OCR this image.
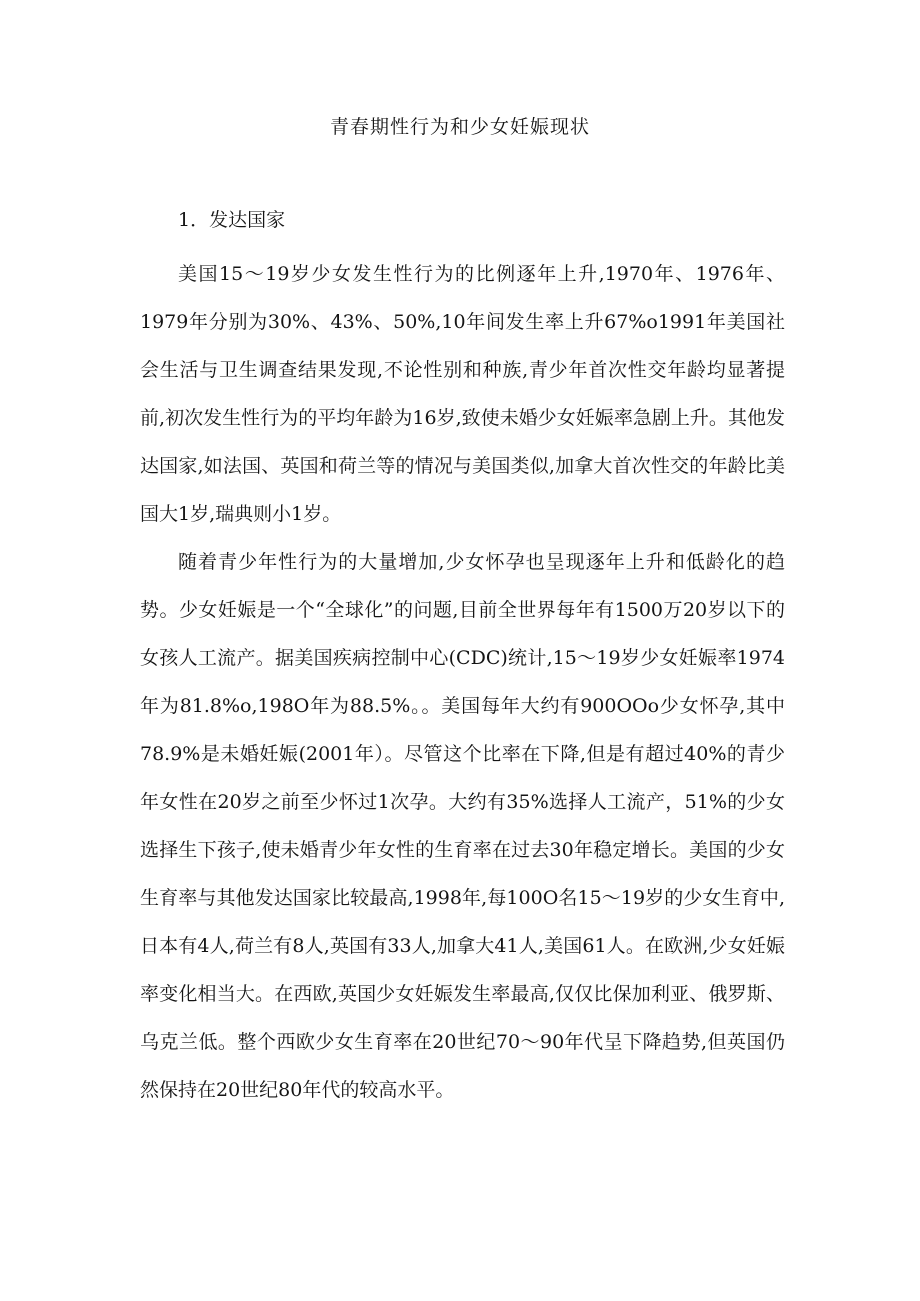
青春期性行为和少女妊娠现状
1．发达国家

美国15～19岁少女发生性行为的比例逐年上升,1970年、1976年、1979年分别为30%、43%、50%,10年间发生率上升67%o1991年美国社会生活与卫生调查结果发现,不论性别和种族,青少年首次性交年龄均显著提前,初次发生性行为的平均年龄为16岁,致使未婚少女妊娠率急剧上升。其他发达国家,如法国、英国和荷兰等的情况与美国类似,加拿大首次性交的年龄比美国大1岁,瑞典则小1岁。

随着青少年性行为的大量增加,少女怀孕也呈现逐年上升和低龄化的趋势。少女妊娠是一个“全球化”的问题,目前全世界每年有1500万20岁以下的女孩人工流产。据美国疾病控制中心(CDC)统计,15～19岁少女妊娠率1974年为81.8%o,198O年为88.5%。。美国每年大约有900OOo少女怀孕,其中78.9%是未婚妊娠(2001年）。尽管这个比率在下降,但是有超过40%的青少年女性在20岁之前至少怀过1次孕。大约有35%选择人工流产，51%的少女选择生下孩子,使未婚青少年女性的生育率在过去30年稳定增长。美国的少女生育率与其他发达国家比较最高,1998年,每100O名15～19岁的少女生育中,日本有4人,荷兰有8人,英国有33人,加拿大41人,美国61人。在欧洲,少女妊娠率变化相当大。在西欧,英国少女妊娠发生率最高,仅仅比保加利亚、俄罗斯、乌克兰低。整个西欧少女生育率在20世纪70～90年代呈下降趋势,但英国仍然保持在20世纪80年代的较高水平。
